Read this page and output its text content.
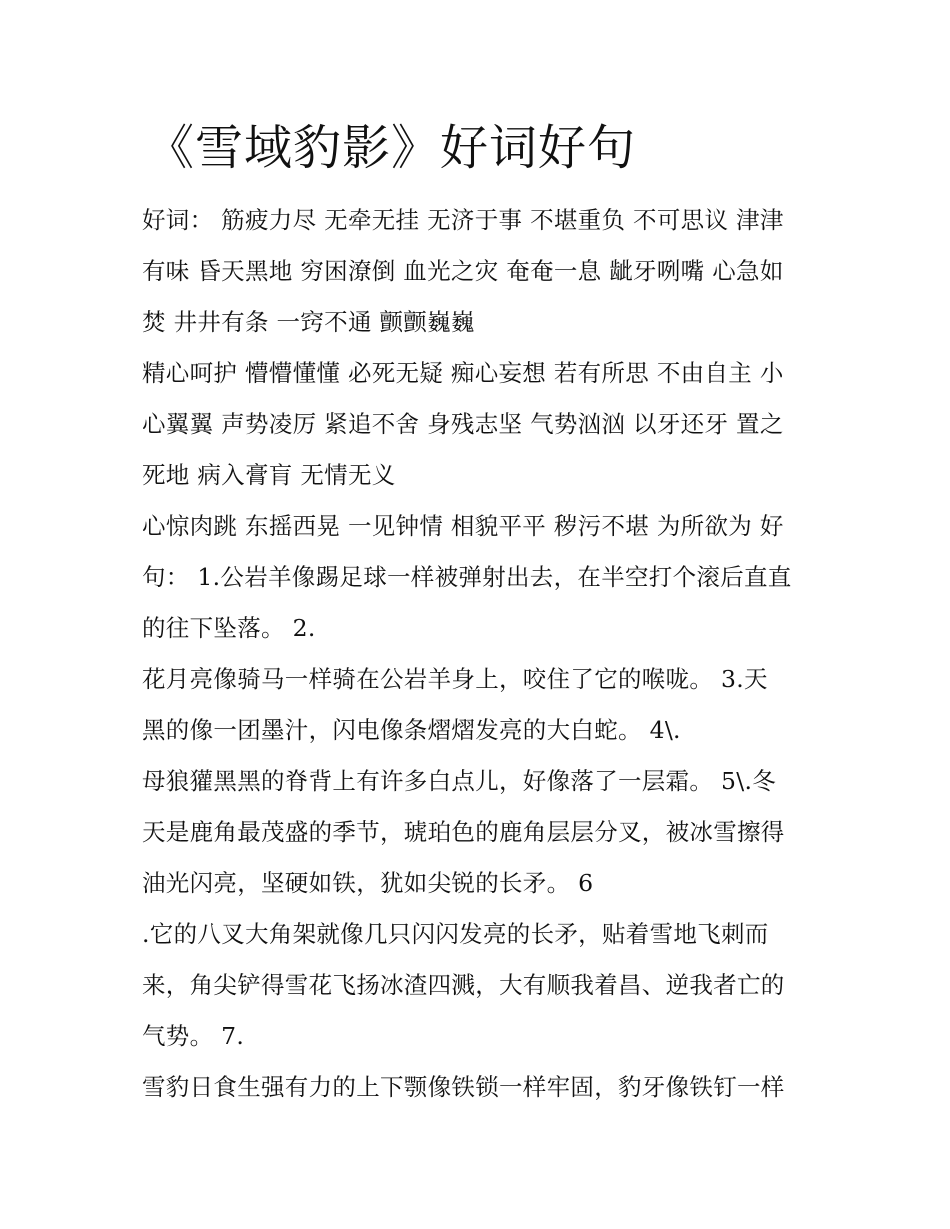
《雪域豹影》好词好句
好词： 筋疲力尽 无牵无挂 无济于事 不堪重负 不可思议 津津
有味 昏天黑地 穷困潦倒 血光之灾 奄奄一息 龇牙咧嘴 心急如
焚 井井有条 一窍不通 颤颤巍巍
精心呵护 懵懵懂懂 必死无疑 痴心妄想 若有所思 不由自主 小
心翼翼 声势凌厉 紧追不舍 身残志坚 气势汹汹 以牙还牙 置之
死地 病入膏肓 无情无义
心惊肉跳 东摇西晃 一见钟情 相貌平平 秽污不堪 为所欲为 好
句： 1.公岩羊像踢足球一样被弹射出去，在半空打个滚后直直
的往下坠落。 2.
花月亮像骑马一样骑在公岩羊身上，咬住了它的喉咙。 3.天
黑的像一团墨汁，闪电像条熠熠发亮的大白蛇。 4\.
母狼獾黑黑的脊背上有许多白点儿，好像落了一层霜。 5\.冬
天是鹿角最茂盛的季节，琥珀色的鹿角层层分叉，被冰雪擦得
油光闪亮，坚硬如铁，犹如尖锐的长矛。 6
.它的八叉大角架就像几只闪闪发亮的长矛，贴着雪地飞刺而
来，角尖铲得雪花飞扬冰渣四溅，大有顺我着昌、逆我者亡的
气势。 7.
雪豹日食生强有力的上下颚像铁锁一样牢固，豹牙像铁钉一样
